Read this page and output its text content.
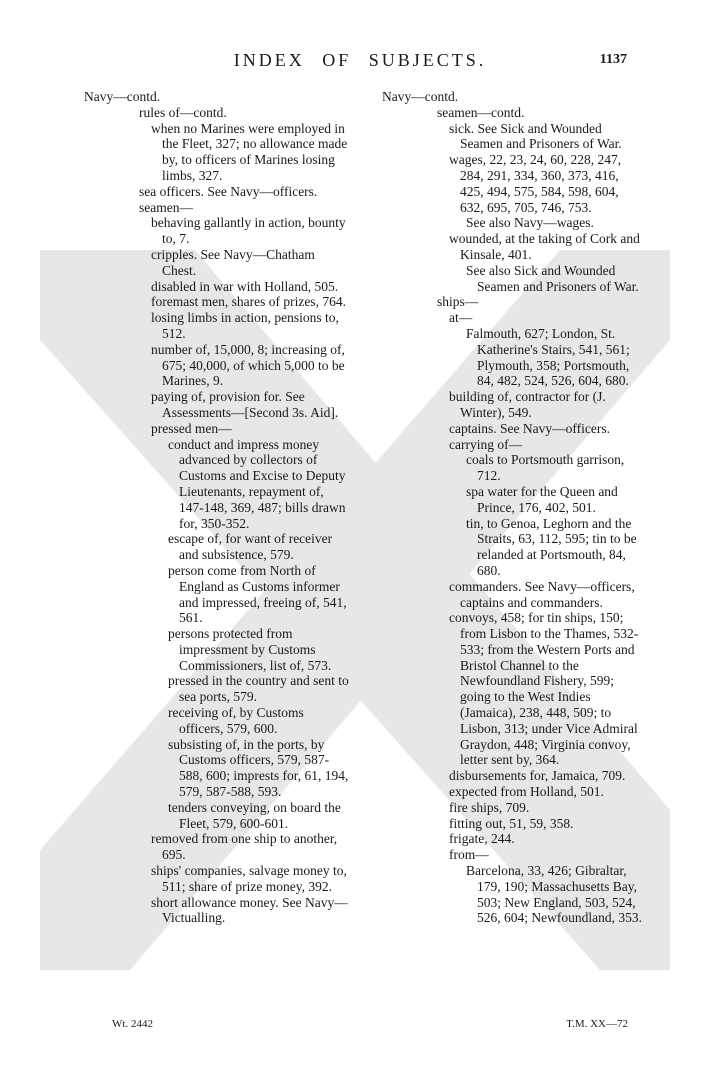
INDEX OF SUBJECTS.	1137

Navy—contd.

rules of—contd.

when no Marines were employed in the Fleet, 327; no allowance made by, to officers of Marines losing limbs, 327.

sea officers. See Navy—officers.

seamen—

behaving gallantly in action, bounty to, 7.

cripples. See Navy—Chatham Chest.

disabled in war with Holland, 505.

foremast men, shares of prizes, 764.

losing limbs in action, pensions to, 512.

number of, 15,000, 8; increasing of, 675; 40,000, of which 5,000 to be Marines, 9.

paying of, provision for. See Assessments—[Second 3s. Aid].

pressed men—

conduct and impress money advanced by collectors of Customs and Excise to Deputy Lieutenants, repayment of, 147-148, 369, 487; bills drawn for, 350-352.

escape of, for want of receiver and subsistence, 579.

person come from North of England as Customs informer and impressed, freeing of, 541, 561.

persons protected from impressment by Customs Commissioners, list of, 573.

pressed in the country and sent to sea ports, 579.

receiving of, by Customs officers, 579, 600.

subsisting of, in the ports, by Customs officers, 579, 587-588, 600; imprests for, 61, 194, 579, 587-588, 593.

tenders conveying, on board the Fleet, 579, 600-601.

removed from one ship to another, 695.

ships' companies, salvage money to, 511; share of prize money, 392.

short allowance money. See Navy—Victualling.

Navy—contd.

seamen—contd.

sick. See Sick and Wounded Seamen and Prisoners of War.

wages, 22, 23, 24, 60, 228, 247, 284, 291, 334, 360, 373, 416, 425, 494, 575, 584, 598, 604, 632, 695, 705, 746, 753.

See also Navy—wages.

wounded, at the taking of Cork and Kinsale, 401.

See also Sick and Wounded Seamen and Prisoners of War.

ships—

at—

Falmouth, 627; London, St. Katherine's Stairs, 541, 561; Plymouth, 358; Portsmouth, 84, 482, 524, 526, 604, 680.

building of, contractor for (J. Winter), 549.

captains. See Navy—officers.

carrying of—

coals to Portsmouth garrison, 712.

spa water for the Queen and Prince, 176, 402, 501.

tin, to Genoa, Leghorn and the Straits, 63, 112, 595; tin to be relanded at Portsmouth, 84, 680.

commanders. See Navy—officers, captains and commanders.

convoys, 458; for tin ships, 150; from Lisbon to the Thames, 532-533; from the Western Ports and Bristol Channel to the Newfoundland Fishery, 599; going to the West Indies (Jamaica), 238, 448, 509; to Lisbon, 313; under Vice Admiral Graydon, 448; Virginia convoy, letter sent by, 364.

disbursements for, Jamaica, 709.

expected from Holland, 501.

fire ships, 709.

fitting out, 51, 59, 358.

frigate, 244.

from—

Barcelona, 33, 426; Gibraltar, 179, 190; Massachusetts Bay, 503; New England, 503, 524, 526, 604; Newfoundland, 353.

Wt. 2442	T.M. XX—72
